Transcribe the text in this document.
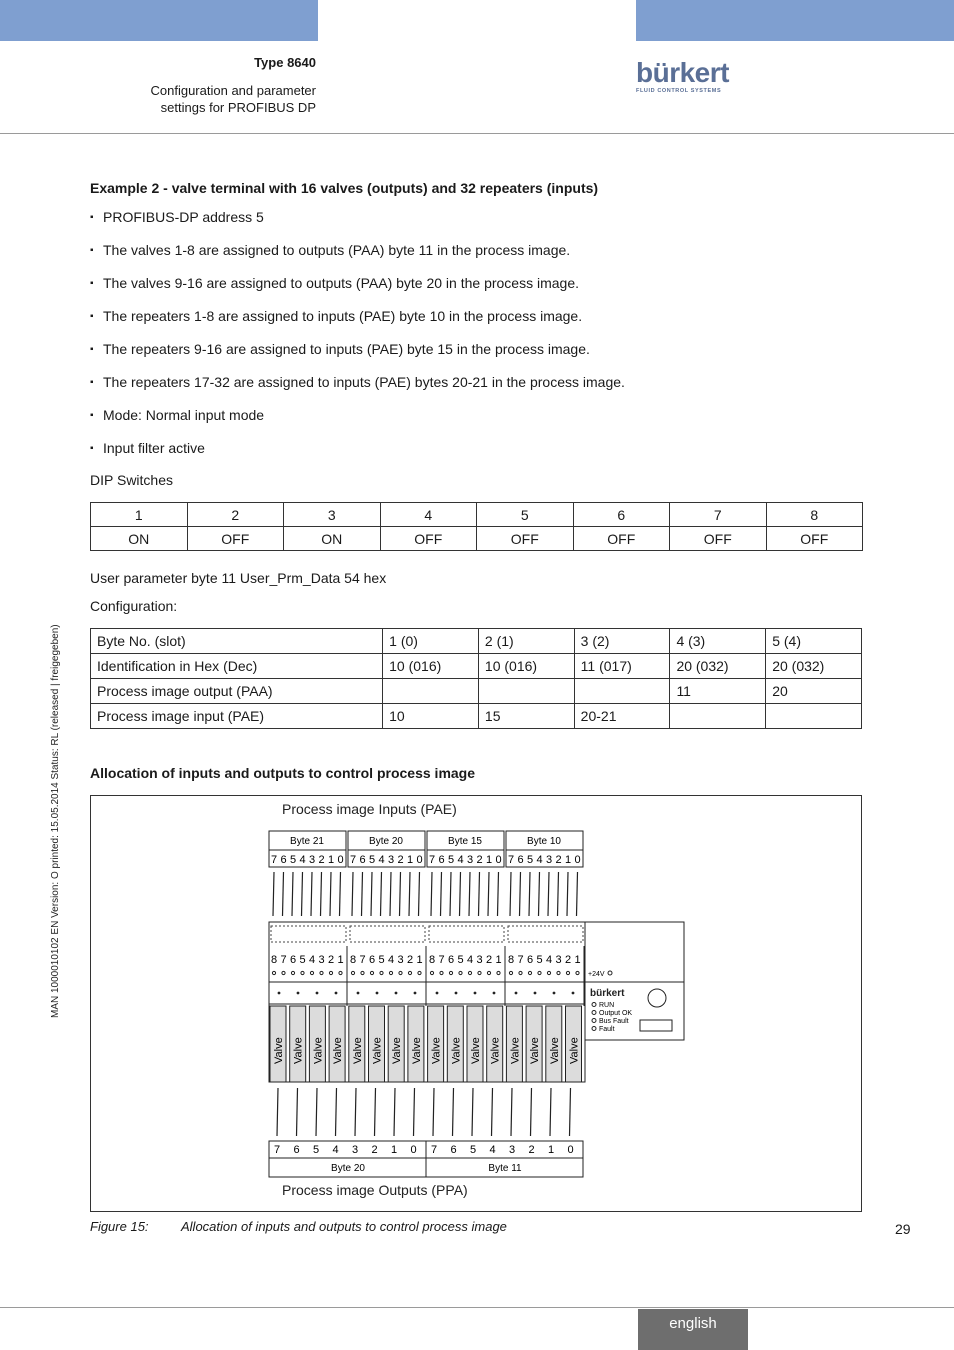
Type 8640
Configuration and parameter
settings for PROFIBUS DP
bürkert
FLUID CONTROL SYSTEMS
MAN 1000010102 EN Version: O printed: 15.05.2014 Status: RL (released | freigegeben)
Example 2 - valve terminal with 16 valves (outputs) and 32 repeaters (inputs)
▪ PROFIBUS-DP address 5
▪ The valves 1-8 are assigned to outputs (PAA) byte 11 in the process image.
▪ The valves 9-16 are assigned to outputs (PAA) byte 20 in the process image.
▪ The repeaters 1-8 are assigned to inputs (PAE) byte 10 in the process image.
▪ The repeaters 9-16 are assigned to inputs (PAE) byte 15 in the process image.
▪ The repeaters 17-32 are assigned to inputs (PAE) bytes 20-21 in the process image.
▪ Mode: Normal input mode
▪ Input filter active
DIP Switches
1	2	3	4	5	6	7	8
ON	OFF	ON	OFF	OFF	OFF	OFF	OFF
User parameter byte 11 User_Prm_Data 54 hex
Configuration:
Byte No. (slot)	1 (0)	2 (1)	3 (2)	4 (3)	5 (4)
Identification in Hex (Dec)	10 (016)	10 (016)	11 (017)	20 (032)	20 (032)
Process image output (PAA)				11	20
Process image input (PAE)	10	15	20-21		
Allocation of inputs and outputs to control process image
Process image Inputs (PAE)
Process image Outputs (PPA)
Byte 21
7 6 5 4 3 2 1 0
Byte 20
7 6 5 4 3 2 1 0
Byte 15
7 6 5 4 3 2 1 0
Byte 10
7 6 5 4 3 2 1 0
8 7 6 5 4 3 2 1 8 7 6 5 4 3 2 1 8 7 6 5 4 3 2 1 8 7 6 5 4 3 2 1
Valve Valve Valve Valve Valve Valve Valve Valve Valve Valve Valve Valve Valve Valve Valve Valve
+24V
bürkert
RUN
Output OK
Bus Fault
Fault
Byte 20
7 6 5 4 3 2 1 0
Byte 11
7 6 5 4 3 2 1 0
Figure 15: Allocation of inputs and outputs to control process image	29
english
